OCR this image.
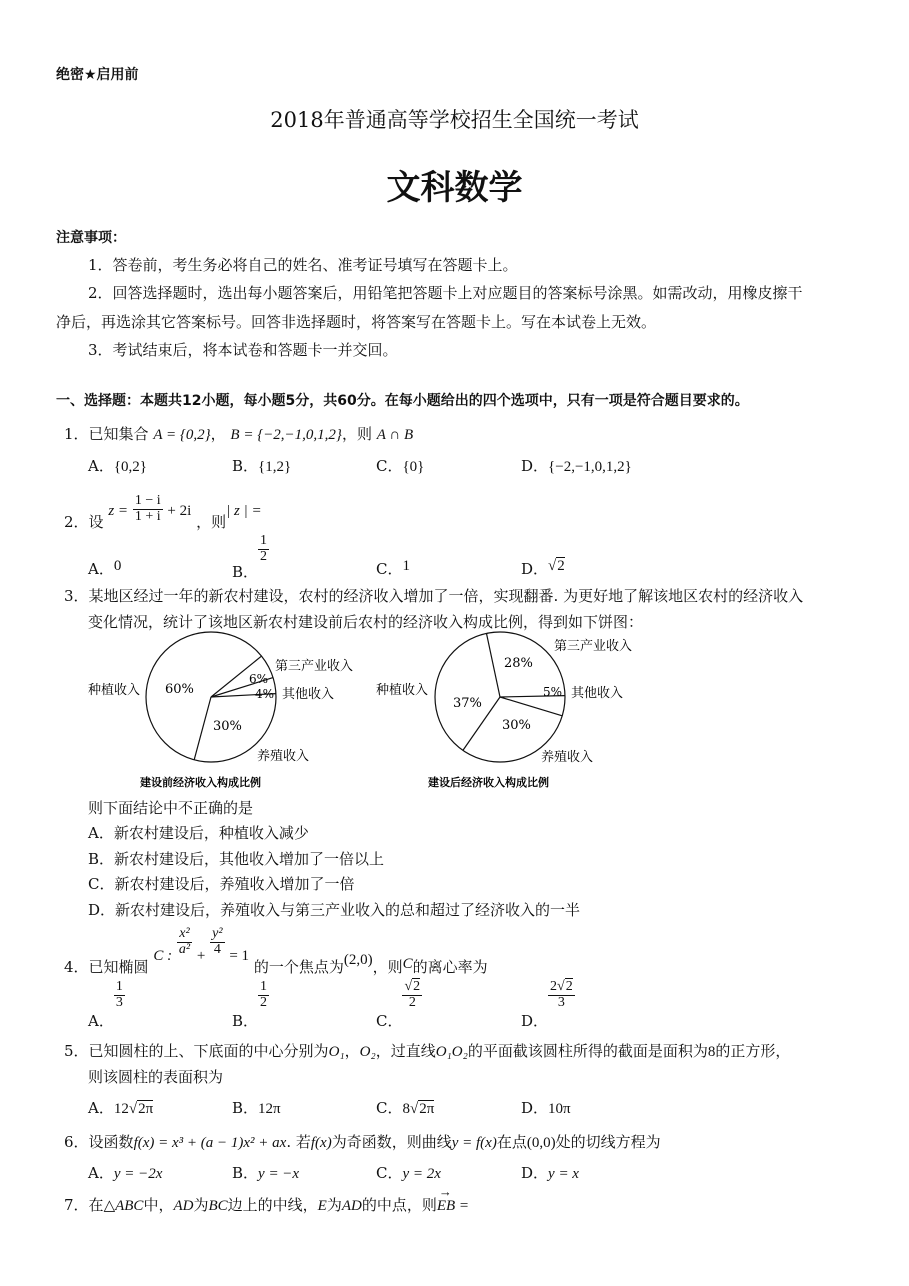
绝密★启用前
2018年普通高等学校招生全国统一考试
文科数学
注意事项：
1．答卷前，考生务必将自己的姓名、准考证号填写在答题卡上。
2．回答选择题时，选出每小题答案后，用铅笔把答题卡上对应题目的答案标号涂黑。如需改动，用橡皮擦干
净后，再选涂其它答案标号。回答非选择题时，将答案写在答题卡上。写在本试卷上无效。
3．考试结束后，将本试卷和答题卡一并交回。
一、选择题：本题共12小题，每小题5分，共60分。在每小题给出的四个选项中，只有一项是符合题目要求的。
1．已知集合 A = {0,2}， B = {−2,−1,0,1,2}，则 A ∩ B
A．{0,2}	B．{1,2}	C．{0}	D．{−2,−1,0,1,2}
2．设 $z = \frac{1 - i}{1 + i} + 2i$ ，则| z | =
A．0	B．
$\frac{1}{2}$
C．1	D．√2
3．某地区经过一年的新农村建设，农村的经济收入增加了一倍，实现翻番. 为更好地了解该地区农村的经济收入
变化情况，统计了该地区新农村建设前后农村的经济收入构成比例，得到如下饼图：
种植收入
第三产业收入
其他收入
养殖收入
60%
6%
4%
30%
建设前经济收入构成比例
种植收入
第三产业收入
其他收入
养殖收入
28%
5%
30%
37%
建设后经济收入构成比例
则下面结论中不正确的是
A．新农村建设后，种植收入减少
B．新农村建设后，其他收入增加了一倍以上
C．新农村建设后，养殖收入增加了一倍
D．新农村建设后，养殖收入与第三产业收入的总和超过了经济收入的一半
4．已知椭圆 C : $\frac{\text{x²}}{\text{a²}} + \frac{\text{y²}}{4} = 1$ 的一个焦点为(2,0)，则C的离心率为
A．
$\frac{1}{3}$
B．
$\frac{1}{2}$
C．
$\frac{√2}{2}$
D．
$\frac{2√2}{3}$
5．已知圆柱的上、下底面的中心分别为O₁，O₂，过直线O₁O₂的平面截该圆柱所得的截面是面积为8的正方形，
则该圆柱的表面积为
A．12√2π	B．12π	C．8√2π	D．10π
6．设函数f(x) = x³ + (a − 1)x² + ax. 若f(x)为奇函数，则曲线y = f(x)在点(0,0)处的切线方程为
A．y = −2x	B．y = −x	C．y = 2x	D．y = x
7．在△ABC中，AD为BC边上的中线，E为AD的中点，则
→
EB =
